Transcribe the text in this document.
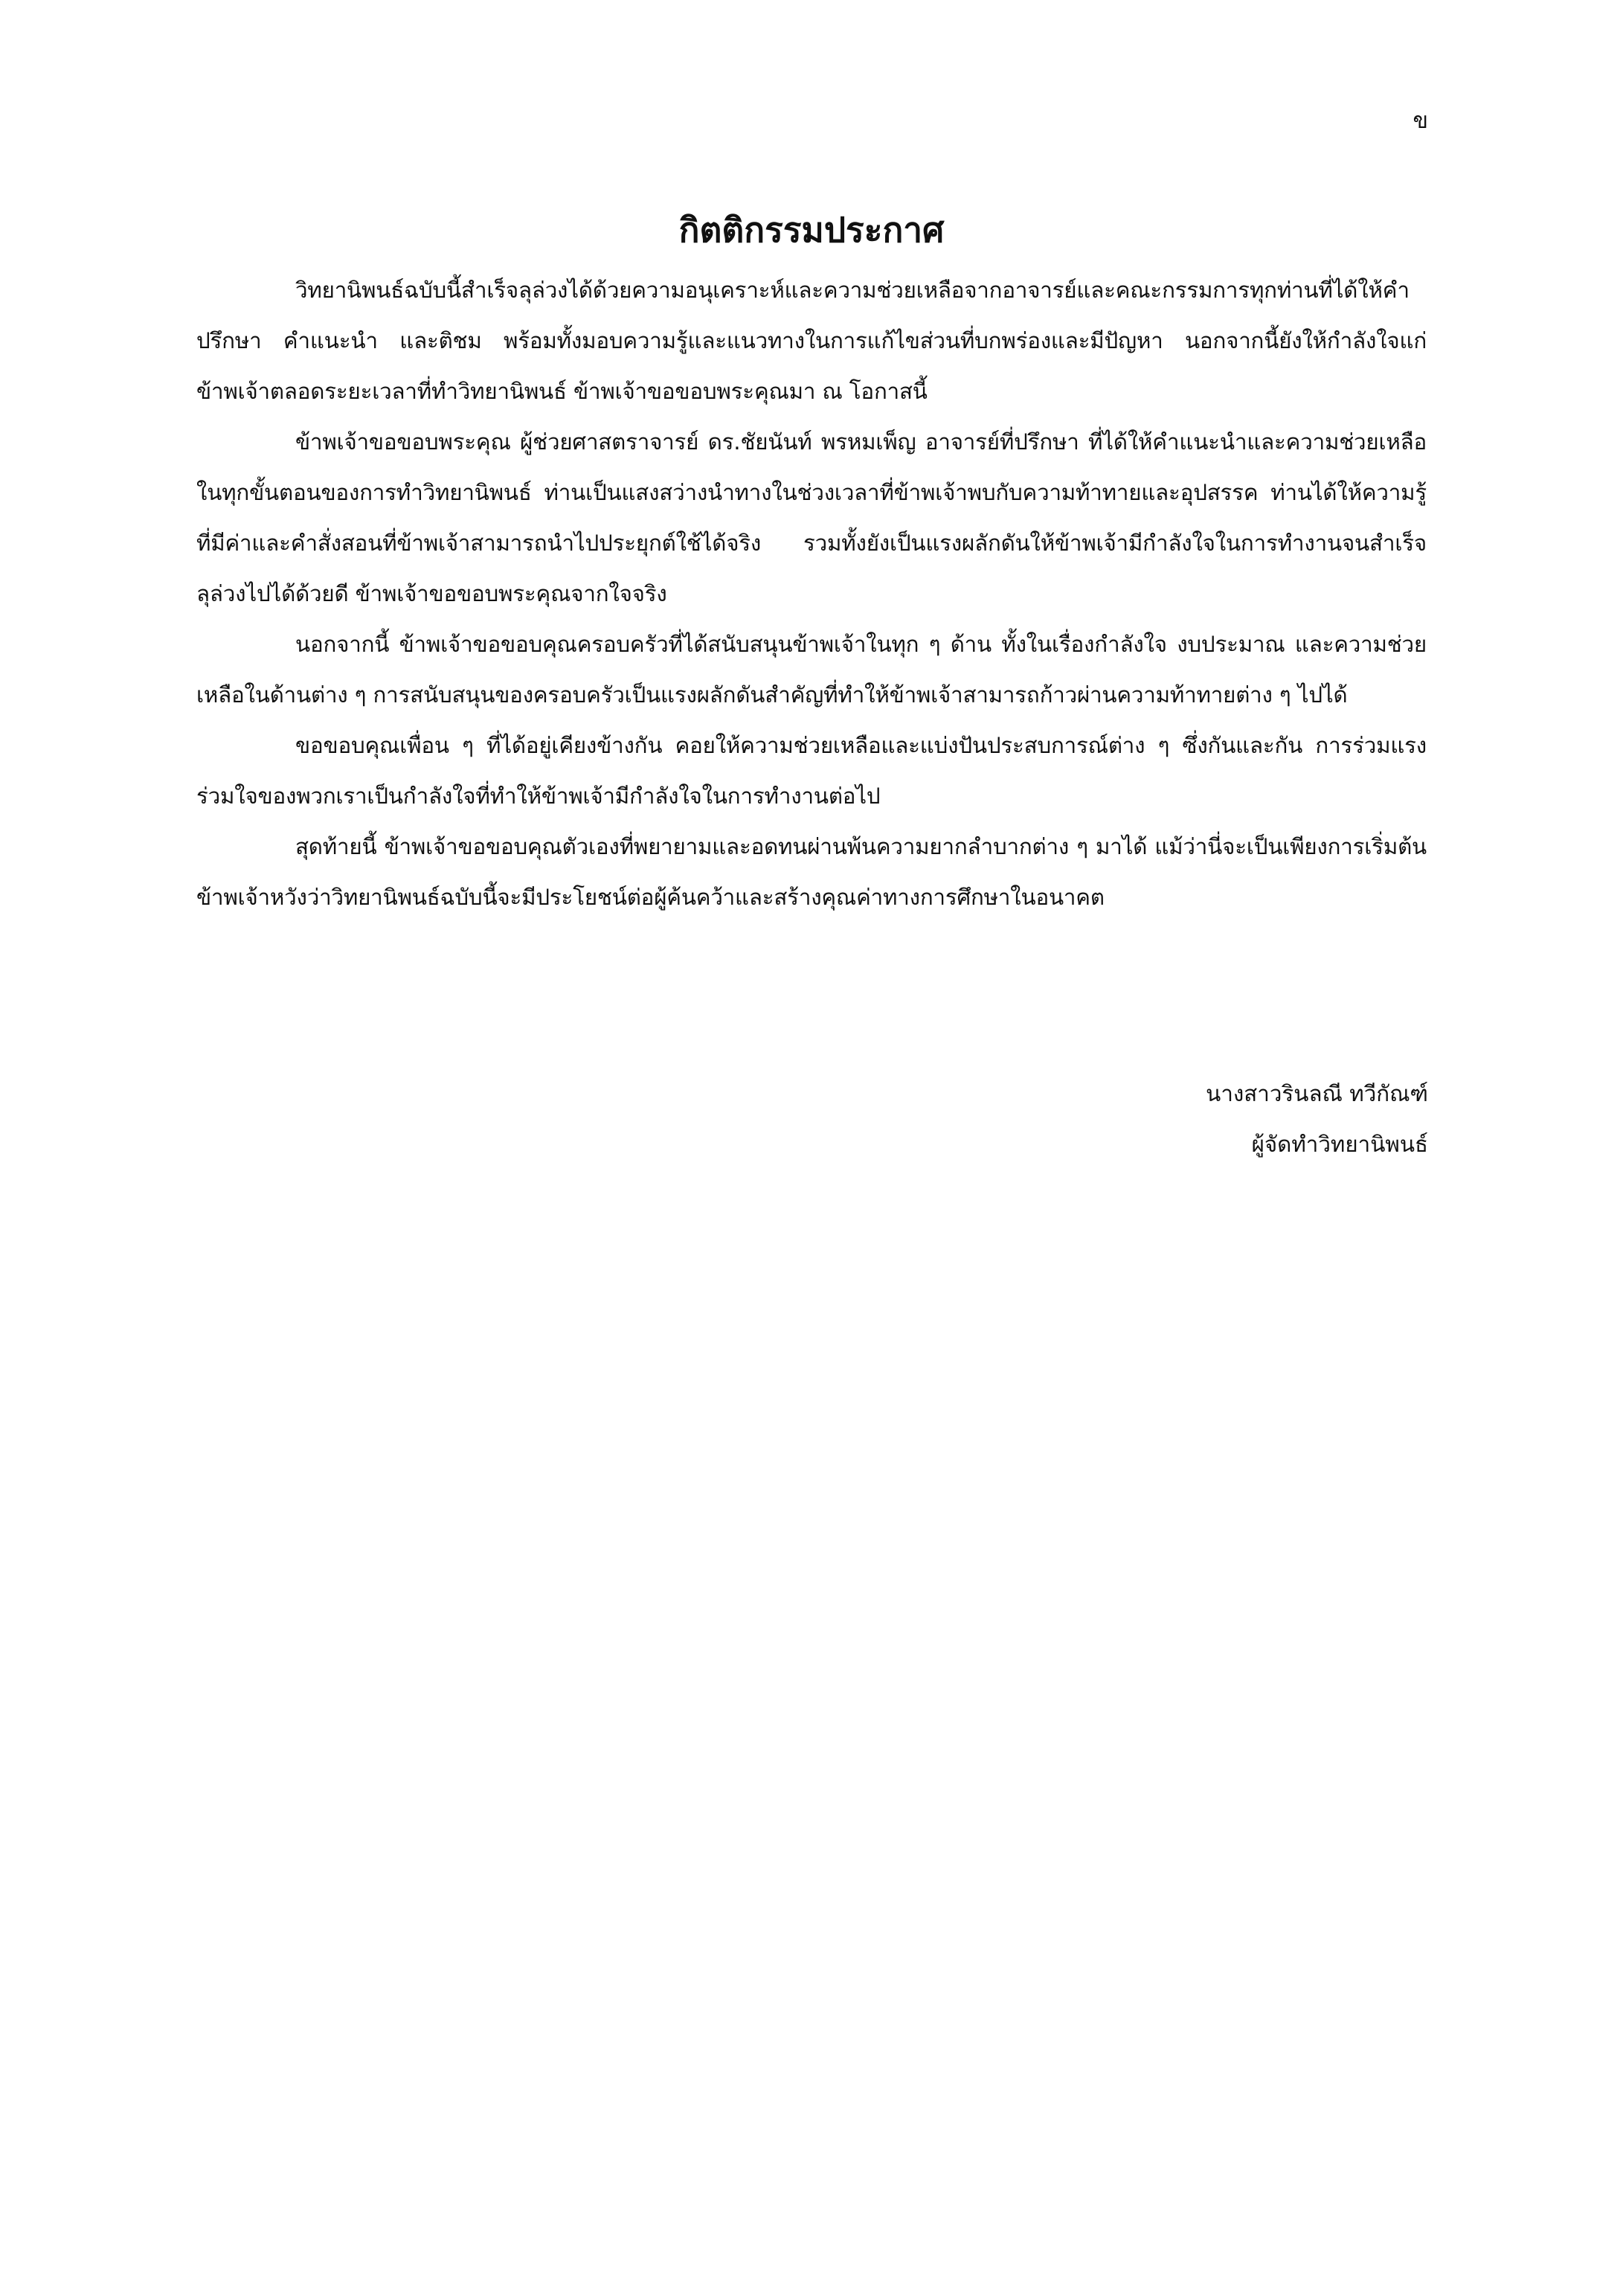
ข
กิตติกรรมประกาศ

วิทยานิพนธ์ฉบับนี้สำเร็จลุล่วงได้ด้วยความอนุเคราะห์และความช่วยเหลือจากอาจารย์และคณะกรรมการทุกท่านที่ได้ให้คำปรึกษา คำแนะนำ และติชม พร้อมทั้งมอบความรู้และแนวทางในการแก้ไขส่วนที่บกพร่องและมีปัญหา นอกจากนี้ยังให้กำลังใจแก่ข้าพเจ้าตลอดระยะเวลาที่ทำวิทยานิพนธ์ ข้าพเจ้าขอขอบพระคุณมา ณ โอกาสนี้

ข้าพเจ้าขอขอบพระคุณ ผู้ช่วยศาสตราจารย์ ดร.ชัยนันท์ พรหมเพ็ญ อาจารย์ที่ปรึกษา ที่ได้ให้คำแนะนำและความช่วยเหลือในทุกขั้นตอนของการทำวิทยานิพนธ์ ท่านเป็นแสงสว่างนำทางในช่วงเวลาที่ข้าพเจ้าพบกับความท้าทายและอุปสรรค ท่านได้ให้ความรู้ที่มีค่าและคำสั่งสอนที่ข้าพเจ้าสามารถนำไปประยุกต์ใช้ได้จริง รวมทั้งยังเป็นแรงผลักดันให้ข้าพเจ้ามีกำลังใจในการทำงานจนสำเร็จลุล่วงไปได้ด้วยดี ข้าพเจ้าขอขอบพระคุณจากใจจริง

นอกจากนี้ ข้าพเจ้าขอขอบคุณครอบครัวที่ได้สนับสนุนข้าพเจ้าในทุก ๆ ด้าน ทั้งในเรื่องกำลังใจ งบประมาณ และความช่วยเหลือในด้านต่าง ๆ การสนับสนุนของครอบครัวเป็นแรงผลักดันสำคัญที่ทำให้ข้าพเจ้าสามารถก้าวผ่านความท้าทายต่าง ๆ ไปได้

ขอขอบคุณเพื่อน ๆ ที่ได้อยู่เคียงข้างกัน คอยให้ความช่วยเหลือและแบ่งปันประสบการณ์ต่าง ๆ ซึ่งกันและกัน การร่วมแรงร่วมใจของพวกเราเป็นกำลังใจที่ทำให้ข้าพเจ้ามีกำลังใจในการทำงานต่อไป

สุดท้ายนี้ ข้าพเจ้าขอขอบคุณตัวเองที่พยายามและอดทนผ่านพ้นความยากลำบากต่าง ๆ มาได้ แม้ว่านี่จะเป็นเพียงการเริ่มต้น ข้าพเจ้าหวังว่าวิทยานิพนธ์ฉบับนี้จะมีประโยชน์ต่อผู้ค้นคว้าและสร้างคุณค่าทางการศึกษาในอนาคต

นางสาวรินลณี ทวีกัณฑ์
ผู้จัดทำวิทยานิพนธ์
